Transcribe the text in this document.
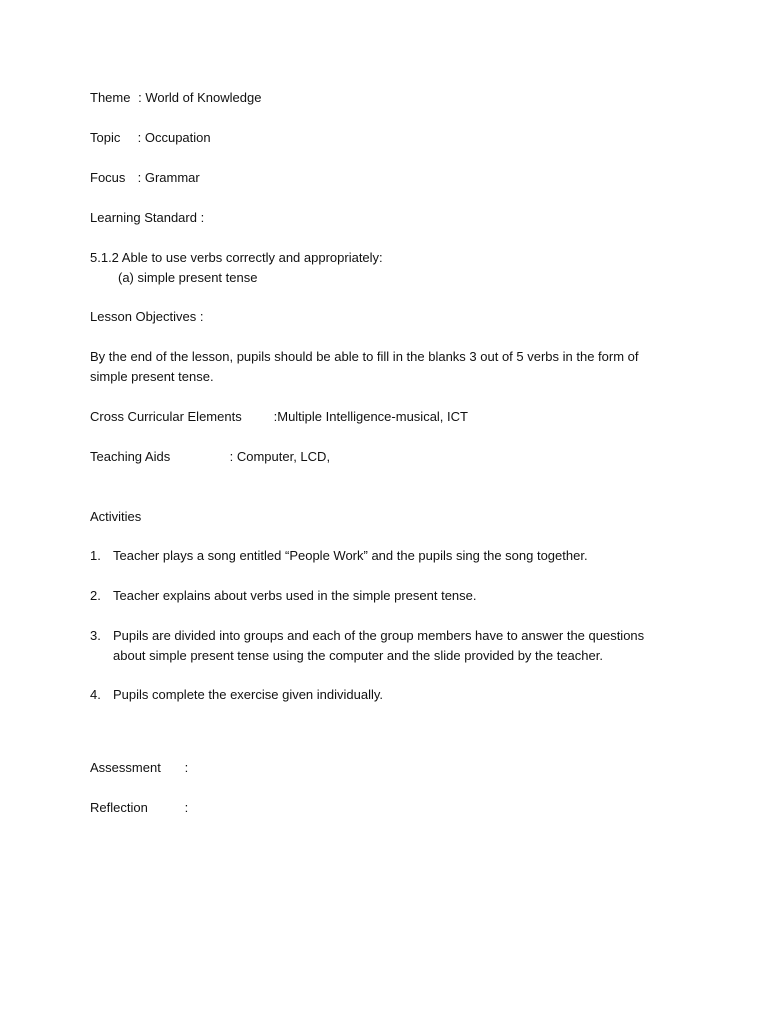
Theme : World of Knowledge
Topic : Occupation
Focus : Grammar
Learning Standard :
5.1.2 Able to use verbs correctly and appropriately:
(a) simple present tense
Lesson Objectives :
By the end of the lesson, pupils should be able to fill in the blanks 3 out of 5 verbs in the form of simple present tense.
Cross Curricular Elements :Multiple Intelligence-musical, ICT
Teaching Aids	: Computer, LCD,
Activities
1. Teacher plays a song entitled “People Work” and the pupils sing the song together.
2. Teacher explains about verbs used in the simple present tense.
3. Pupils are divided into groups and each of the group members have to answer the questions about simple present tense using the computer and the slide provided by the teacher.
4. Pupils complete the exercise given individually.
Assessment :
Reflection	:
